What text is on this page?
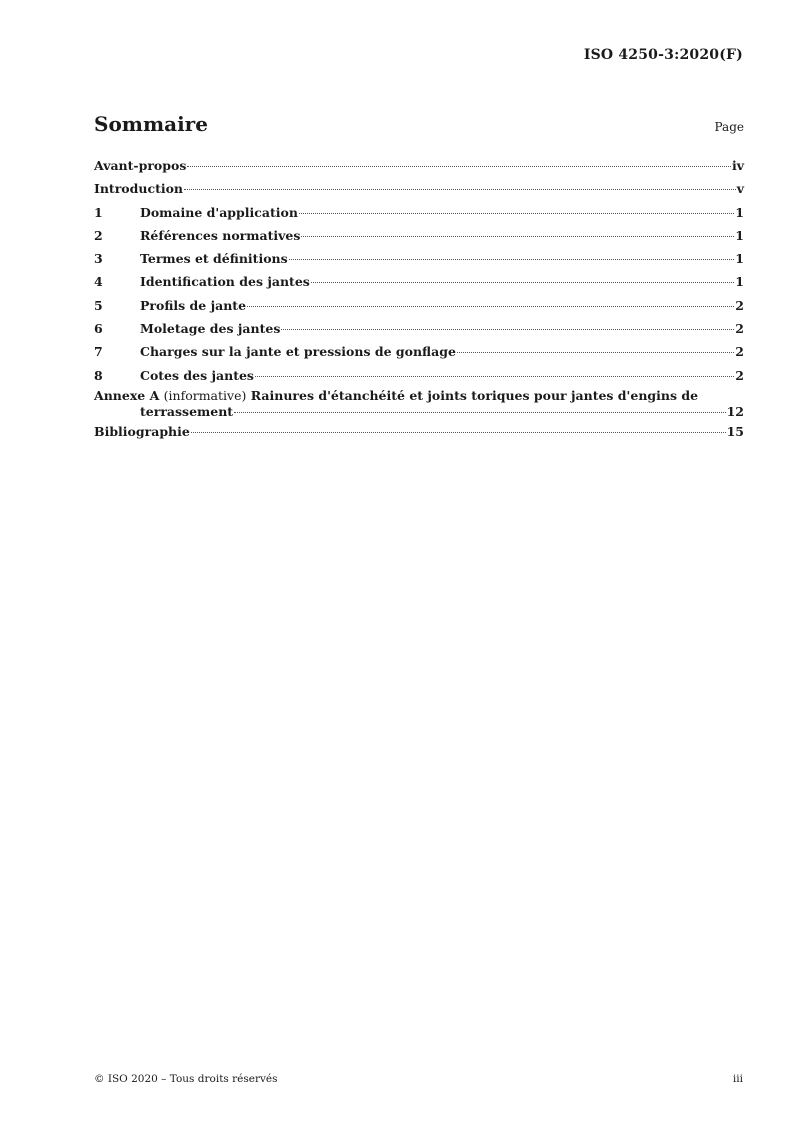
ISO 4250-3:2020(F)
Sommaire	Page
Avant-propos	iv
Introduction	v
1	Domaine d'application	1
2	Références normatives	1
3	Termes et définitions	1
4	Identification des jantes	1
5	Profils de jante	2
6	Moletage des jantes	2
7	Charges sur la jante et pressions de gonflage	2
8	Cotes des jantes	2
Annexe A (informative) Rainures d'étanchéité et joints toriques pour jantes d'engins de
terrassement	12
Bibliographie	15
© ISO 2020 – Tous droits réservés	iii
